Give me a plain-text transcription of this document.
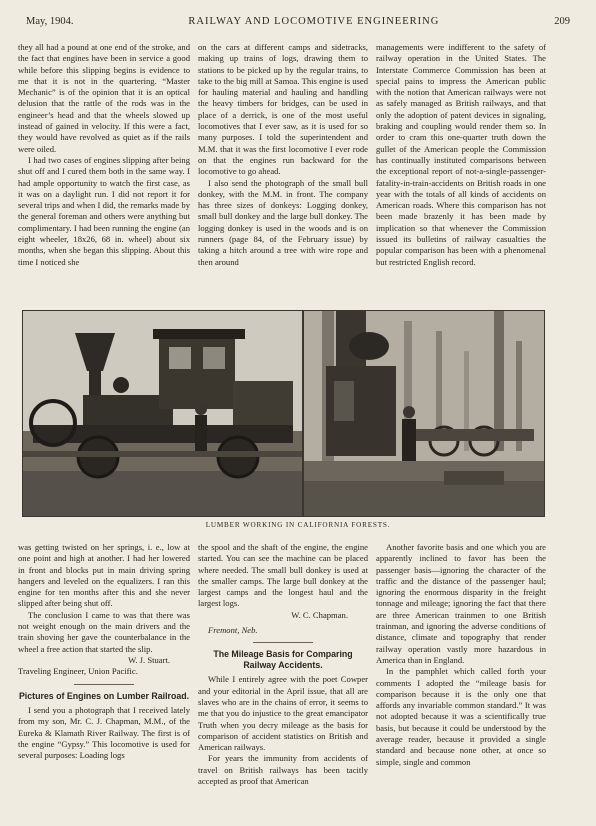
May, 1904.	RAILWAY AND LOCOMOTIVE ENGINEERING	209

they all had a pound at one end of the stroke, and the fact that engines have been in service a good while before this slipping begins is evidence to me that it is not in the quartering. “Master Mechanic” is of the opinion that it is an optical delusion that the rattle of the rods was in the engineer’s head and that the wheels slowed up instead of gained in velocity. If this were a fact, they would have revolved as quiet as if the rails were oiled.

I had two cases of engines slipping after being shut off and I cured them both in the same way. I had ample opportunity to watch the first case, as it was on a daylight run. I did not report it for several trips and when I did, the remarks made by the general foreman and others were anything but complimentary. I had been running the engine (an eight wheeler, 18x26, 68 in. wheel) about six months, when she began this slipping. About this time I noticed she

on the cars at different camps and sidetracks, making up trains of logs, drawing them to stations to be picked up by the regular trains, to take to the big mill at Samoa. This engine is used for hauling material and hauling and handling the heavy timbers for bridges, can be used in place of a derrick, is one of the most useful locomotives that I ever saw, as it is used for so many purposes. I told the superintendent and M.M. that it was the first locomotive I ever rode on that the engines run backward for the locomotive to go ahead.

I also send the photograph of the small bull donkey, with the M.M. in front. The company has three sizes of donkeys: Logging donkey, small bull donkey and the large bull donkey. The logging donkey is used in the woods and is on runners (page 84, of the February issue) by taking a hitch around a tree with wire rope and then around

managements were indifferent to the safety of railway operation in the United States. The Interstate Commerce Commission has been at special pains to impress the American public with the notion that American railways were not as safely managed as British railways, and that only the adoption of patent devices in signaling, braking and coupling would render them so. In order to cram this one-quarter truth down the gullet of the American people the Commission has continually instituted comparisons between the exceptional report of not-a-single-passenger-fatality-in-train-accidents on British roads in one year with the totals of all kinds of accidents on American roads. Where this comparison has not been made brazenly it has been made by implication so that whenever the Commission issued its bulletins of railway casualties the popular comparison has been with a phenomenal but restricted English record.

LUMBER WORKING IN CALIFORNIA FORESTS.

was getting twisted on her springs, i. e., low at one point and high at another. I had her lowered in front and blocks put in main driving spring hangers and leveled on the equalizers. I ran this engine for ten months after this and she never slipped after being shut off.

The conclusion I came to was that there was not weight enough on the main drivers and the train shoving her gave the counterbalance in the wheel a free action that started the slip.

W. J. Stuart.

Traveling Engineer, Union Pacific.

Pictures of Engines on Lumber Railroad.

I send you a photograph that I received lately from my son, Mr. C. J. Chapman, M.M., of the Eureka & Klamath River Railway. The first is of the engine “Gypsy.” This locomotive is used for several purposes: Loading logs

the spool and the shaft of the engine, the engine started. You can see the machine can be placed where needed. The small bull donkey is used at the smaller camps. The large bull donkey at the largest camps and the longest haul and the largest logs.

W. C. Chapman.

Fremont, Neb.

The Mileage Basis for Comparing Railway Accidents.

While I entirely agree with the poet Cowper and your editorial in the April issue, that all are slaves who are in the chains of error, it seems to me that you do injustice to the great emancipator Truth when you decry mileage as the basis for comparison of accident statistics on British and American railways.

For years the immunity from accidents of travel on British railways has been tacitly accepted as proof that American

Another favorite basis and one which you are apparently inclined to favor has been the passenger basis—ignoring the character of the traffic and the distance of the passenger haul; ignoring the enormous disparity in the freight tonnage and mileage; ignoring the fact that there are three American trainmen to one British trainman, and ignoring the adverse conditions of distance, climate and topography that render railway operation vastly more hazardous in America than in England.

In the pamphlet which called forth your comments I adopted the “mileage basis for comparison because it is the only one that affords any invariable common standard.” It was not adopted because it was a scientifically true basis, but because it could be understood by the average reader, because it provided a single standard and because none other, at once so simple, single and common
